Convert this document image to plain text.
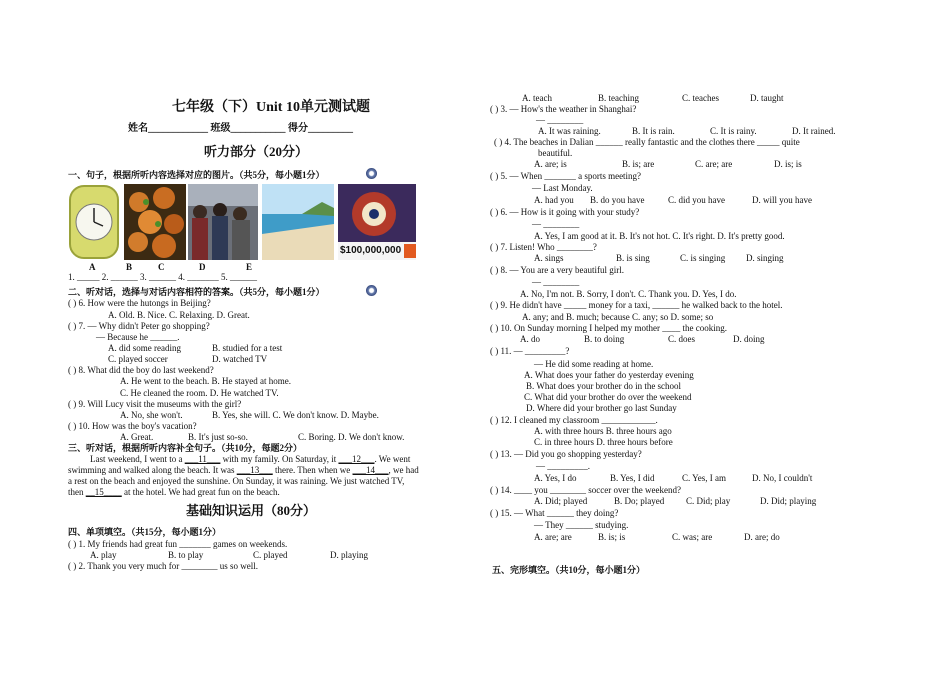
七年级（下）Unit 10单元测试题
姓名____________ 班级___________ 得分_________
听力部分（20分）
一、句子，根据所听内容选择对应的图片。（共5分，每小题1分）
$100,000,000
A	B	C	D	E
1. _____ 2. ______ 3. ______ 4. _______ 5. ______
二、听对话，选择与对话内容相符的答案。（共5分，每小题1分）
( ) 6. How were the hutongs in Beijing?
A. Old. B. Nice. C. Relaxing. D. Great.
( ) 7. — Why didn't Peter go shopping?
— Because he ______.
A. did some reading	B. studied for a test
C. played soccer	D. watched TV
( ) 8. What did the boy do last weekend?
A. He went to the beach. B. He stayed at home.
C. He cleaned the room. D. He watched TV.
( ) 9. Will Lucy visit the museums with the girl?
A. No, she won't.	B. Yes, she will. C. We don't know. D. Maybe.
( ) 10. How was the boy's vacation?
A. Great.	B. It's just so-so.	C. Boring. D. We don't know.
三、听对话，根据所听内容补全句子。（共10分，每题2分）
Last weekend, I went to a ___11___ with my family. On Saturday, it ___12___. We went
swimming and walked along the beach. It was ___13___ there. Then when we ___14___, we had
a rest on the beach and enjoyed the sunshine. On Sunday, it was raining. We just watched TV,
then __15____ at the hotel. We had great fun on the beach.
基础知识运用（80分）
四、单项填空。（共15分，每小题1分）
( ) 1. My friends had great fun _______ games on weekends.
A. play	B. to play	C. played	D. playing
( ) 2. Thank you very much for ________ us so well.
A. teach	B. teaching	C. teaches	D. taught
( ) 3. — How's the weather in Shanghai?
— ________
A. It was raining.	B. It is rain.	C. It is rainy.	D. It rained.
( ) 4. The beaches in Dalian ______ really fantastic and the clothes there _____ quite
beautiful.
A. are; is	B. is; are	C. are; are	D. is; is
( ) 5. — When _______ a sports meeting?
— Last Monday.
A. had you B. do you have	C. did you have	D. will you have
( ) 6. — How is it going with your study?
— ________
A. Yes, I am good at it. B. It's not hot. C. It's right. D. It's pretty good.
( ) 7. Listen! Who ________?
A. sings	B. is sing	C. is singing D. singing
( ) 8. — You are a very beautiful girl.
— ________
A. No, I'm not. B. Sorry, I don't. C. Thank you. D. Yes, I do.
( ) 9. He didn't have _____ money for a taxi, ______ he walked back to the hotel.
A. any; and B. much; because C. any; so D. some; so
( ) 10. On Sunday morning I helped my mother ____ the cooking.
A. do	B. to doing	C. does	D. doing
( ) 11. — _________?
— He did some reading at home.
A. What does your father do yesterday evening
B. What does your brother do in the school
C. What did your brother do over the weekend
D. Where did your brother go last Sunday
( ) 12. I cleaned my classroom ____________.
A. with three hours B. three hours ago
C. in three hours D. three hours before
( ) 13. — Did you go shopping yesterday?
— _________.
A. Yes, I do	B. Yes, I did	C. Yes, I am	D. No, I couldn't
( ) 14. ____ you ________ soccer over the weekend?
A. Did; played	B. Do; played C. Did; play	D. Did; playing
( ) 15. — What ______ they doing?
— They ______ studying.
A. are; are	B. is; is	C. was; are	D. are; do
五、完形填空。（共10分，每小题1分）
